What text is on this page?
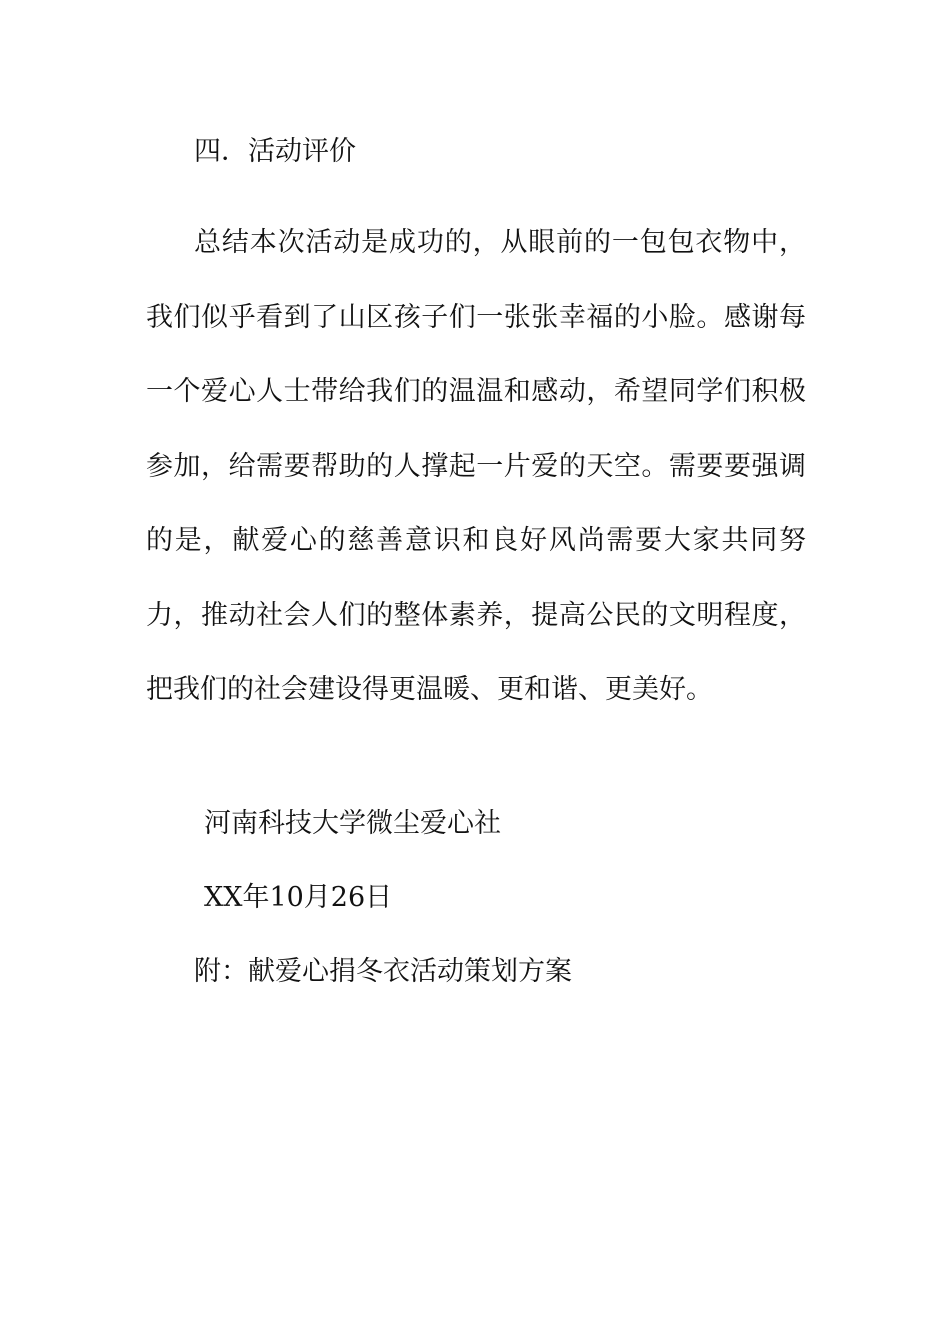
四．活动评价

总结本次活动是成功的，从眼前的一包包衣物中，我们似乎看到了山区孩子们一张张幸福的小脸。感谢每一个爱心人士带给我们的温温和感动，希望同学们积极参加，给需要帮助的人撑起一片爱的天空。需要要强调的是，献爱心的慈善意识和良好风尚需要大家共同努力，推动社会人们的整体素养，提高公民的文明程度，把我们的社会建设得更温暖、更和谐、更美好。

河南科技大学微尘爱心社
XX年10月26日
附：献爱心捐冬衣活动策划方案
